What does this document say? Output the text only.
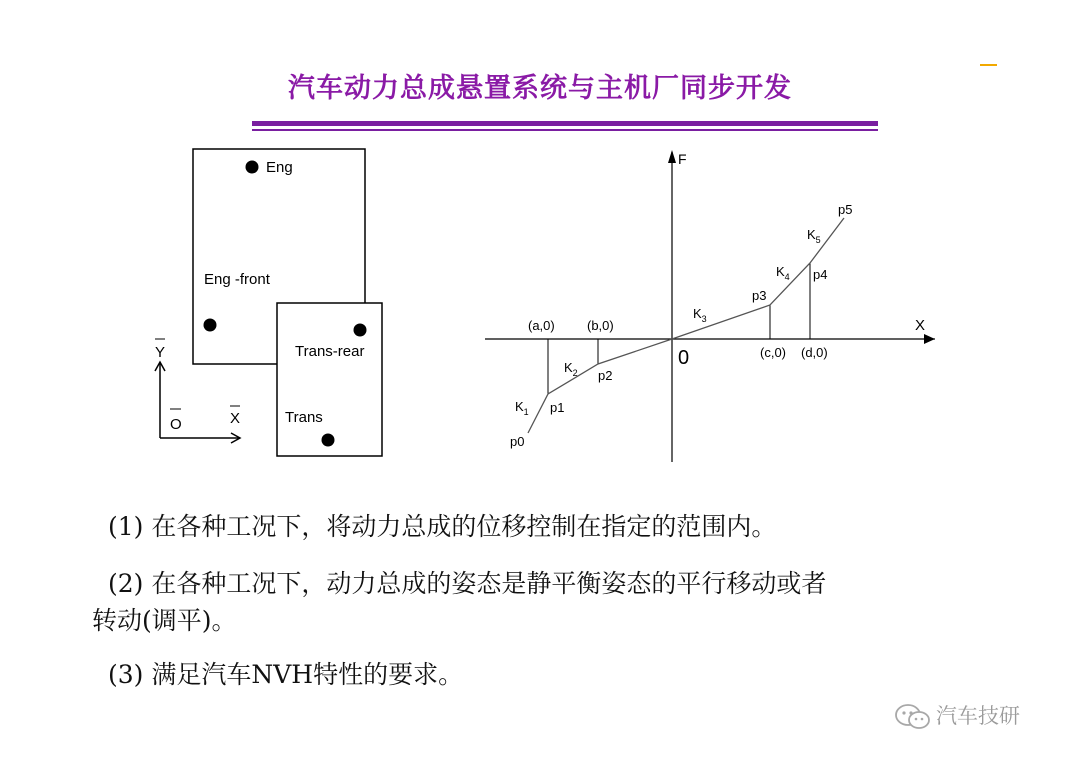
汽车动力总成悬置系统与主机厂同步开发
Eng
Eng -front
Trans-rear
Trans
Y
X
O
X
F
0
(a,0) (b,0)
(c,0) (d,0)
p0
p1
p2
p3
p4
p5
$K_1$
$K_2$
$K_3$
$K_4$
$K_5$
(1) 在各种工况下，将动力总成的位移控制在指定的范围内。
(2) 在各种工况下，动力总成的姿态是静平衡姿态的平行移动或者
转动(调平)。
(3) 满足汽车NVH特性的要求。
汽车技研
